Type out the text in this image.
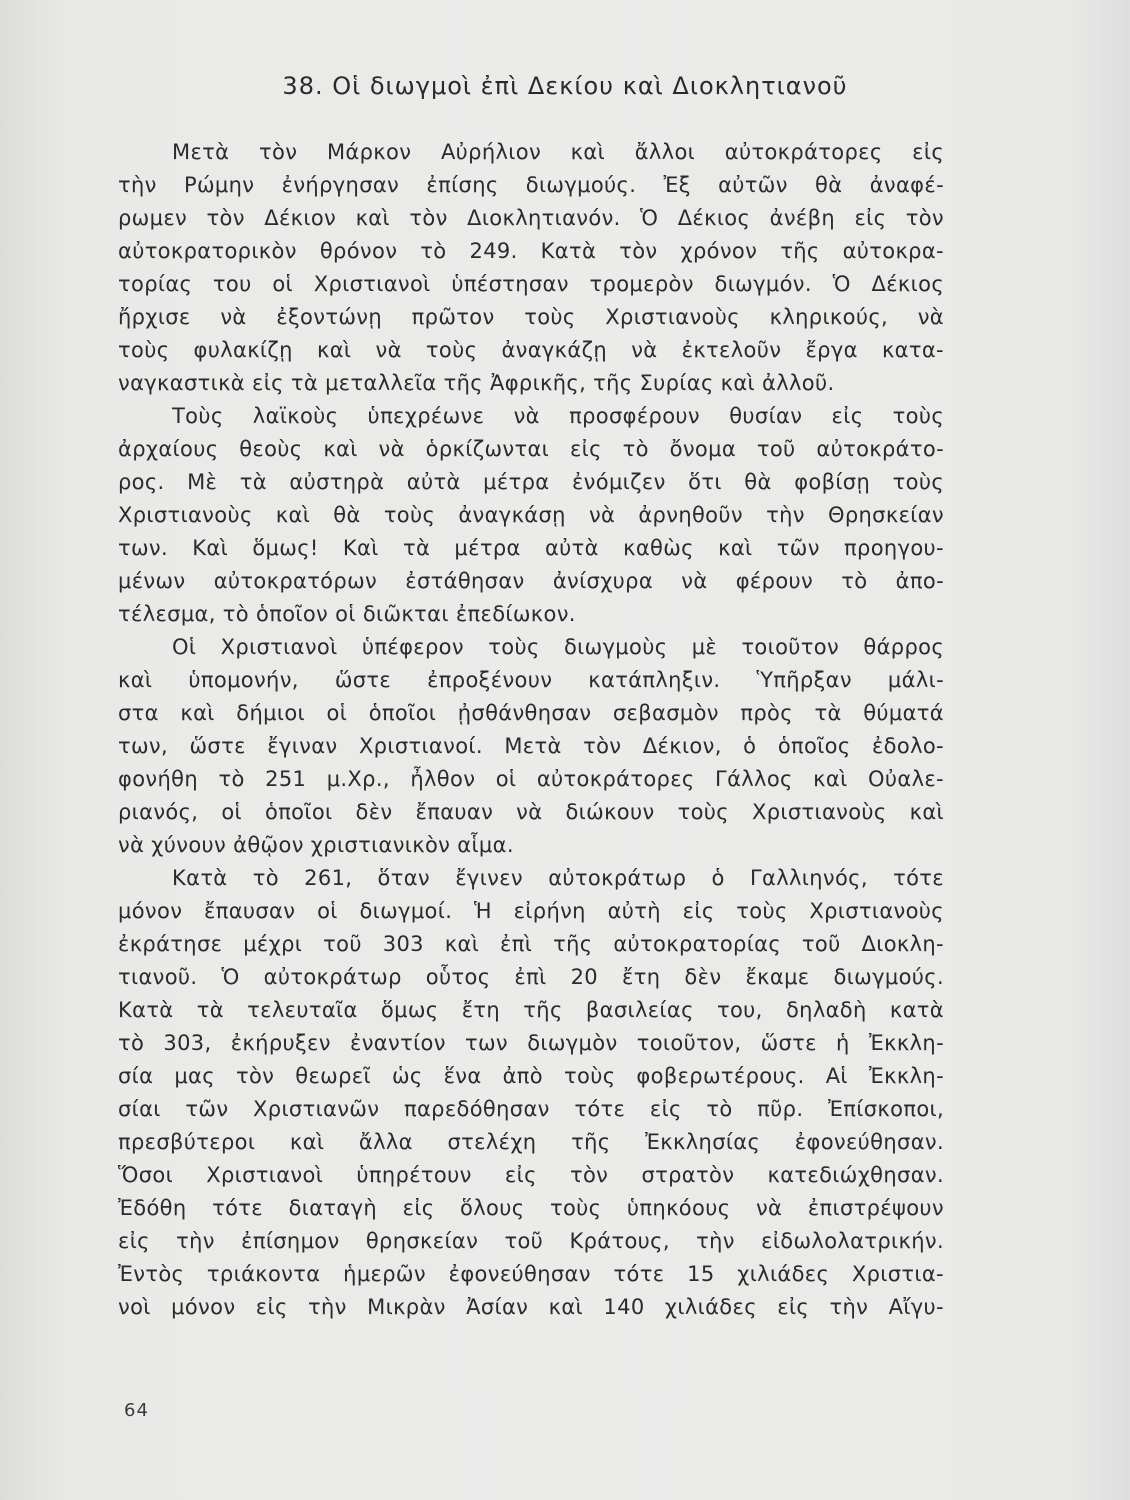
38. Οἱ διωγμοὶ ἐπὶ Δεκίου καὶ Διοκλητιανοῦ
Μετὰ τὸν Μάρκον Αὐρήλιον καὶ ἄλλοι αὐτοκράτορες εἰς
τὴν Ρώμην ἐνήργησαν ἐπίσης διωγμούς. Ἐξ αὐτῶν θὰ ἀναφέ-
ρωμεν τὸν Δέκιον καὶ τὸν Διοκλητιανόν. Ὁ Δέκιος ἀνέβη εἰς τὸν
αὐτοκρατορικὸν θρόνον τὸ 249. Κατὰ τὸν χρόνον τῆς αὐτοκρα-
τορίας του οἱ Χριστιανοὶ ὑπέστησαν τρομερὸν διωγμόν. Ὁ Δέκιος
ἤρχισε νὰ ἐξοντώνῃ πρῶτον τοὺς Χριστιανοὺς κληρικούς, νὰ
τοὺς φυλακίζῃ καὶ νὰ τοὺς ἀναγκάζῃ νὰ ἐκτελοῦν ἔργα κατα-
ναγκαστικὰ εἰς τὰ μεταλλεῖα τῆς Ἀφρικῆς, τῆς Συρίας καὶ ἀλλοῦ.
Τοὺς λαϊκοὺς ὑπεχρέωνε νὰ προσφέρουν θυσίαν εἰς τοὺς
ἀρχαίους θεοὺς καὶ νὰ ὁρκίζωνται εἰς τὸ ὄνομα τοῦ αὐτοκράτο-
ρος. Μὲ τὰ αὐστηρὰ αὐτὰ μέτρα ἐνόμιζεν ὅτι θὰ φοβίσῃ τοὺς
Χριστιανοὺς καὶ θὰ τοὺς ἀναγκάσῃ νὰ ἀρνηθοῦν τὴν Θρησκείαν
των. Καὶ ὅμως! Καὶ τὰ μέτρα αὐτὰ καθὼς καὶ τῶν προηγου-
μένων αὐτοκρατόρων ἐστάθησαν ἀνίσχυρα νὰ φέρουν τὸ ἀπο-
τέλεσμα, τὸ ὁποῖον οἱ διῶκται ἐπεδίωκον.
Οἱ Χριστιανοὶ ὑπέφερον τοὺς διωγμοὺς μὲ τοιοῦτον θάρρος
καὶ ὑπομονήν, ὥστε ἐπροξένουν κατάπληξιν. Ὑπῆρξαν μάλι-
στα καὶ δήμιοι οἱ ὁποῖοι ᾐσθάνθησαν σεβασμὸν πρὸς τὰ θύματά
των, ὥστε ἔγιναν Χριστιανοί. Μετὰ τὸν Δέκιον, ὁ ὁποῖος ἐδολο-
φονήθη τὸ 251 μ.Χρ., ἦλθον οἱ αὐτοκράτορες Γάλλος καὶ Οὐαλε-
ριανός, οἱ ὁποῖοι δὲν ἔπαυαν νὰ διώκουν τοὺς Χριστιανοὺς καὶ
νὰ χύνουν ἀθῷον χριστιανικὸν αἷμα.
Κατὰ τὸ 261, ὅταν ἔγινεν αὐτοκράτωρ ὁ Γαλλιηνός, τότε
μόνον ἔπαυσαν οἱ διωγμοί. Ἡ εἰρήνη αὐτὴ εἰς τοὺς Χριστιανοὺς
ἐκράτησε μέχρι τοῦ 303 καὶ ἐπὶ τῆς αὐτοκρατορίας τοῦ Διοκλη-
τιανοῦ. Ὁ αὐτοκράτωρ οὗτος ἐπὶ 20 ἔτη δὲν ἔκαμε διωγμούς.
Κατὰ τὰ τελευταῖα ὅμως ἔτη τῆς βασιλείας του, δηλαδὴ κατὰ
τὸ 303, ἐκήρυξεν ἐναντίον των διωγμὸν τοιοῦτον, ὥστε ἡ Ἐκκλη-
σία μας τὸν θεωρεῖ ὡς ἕνα ἀπὸ τοὺς φοβερωτέρους. Αἱ Ἐκκλη-
σίαι τῶν Χριστιανῶν παρεδόθησαν τότε εἰς τὸ πῦρ. Ἐπίσκοποι,
πρεσβύτεροι καὶ ἄλλα στελέχη τῆς Ἐκκλησίας ἐφονεύθησαν.
Ὅσοι Χριστιανοὶ ὑπηρέτουν εἰς τὸν στρατὸν κατεδιώχθησαν.
Ἐδόθη τότε διαταγὴ εἰς ὅλους τοὺς ὑπηκόους νὰ ἐπιστρέψουν
εἰς τὴν ἐπίσημον θρησκείαν τοῦ Κράτους, τὴν εἰδωλολατρικήν.
Ἐντὸς τριάκοντα ἡμερῶν ἐφονεύθησαν τότε 15 χιλιάδες Χριστια-
νοὶ μόνον εἰς τὴν Μικρὰν Ἀσίαν καὶ 140 χιλιάδες εἰς τὴν Αἴγυ-
64
